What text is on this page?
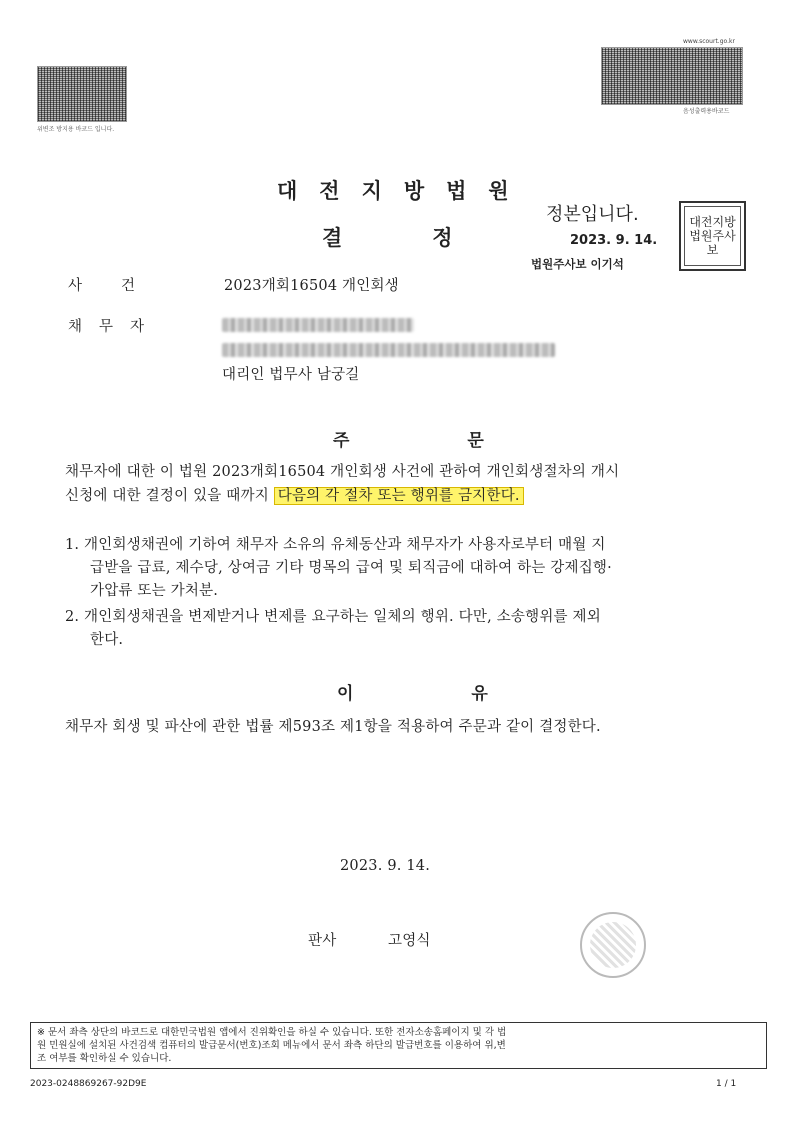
위변조 방지용 바코드 입니다.
www.scourt.go.kr
음성출력용바코드
대전지방법원
결정
정본입니다.
2023. 9. 14.
법원주사보 이기석
대전지방법원주사보
사 건	2023개회16504 개인회생
채 무 자
대리인 법무사 남궁길
주 문
채무자에 대한 이 법원 2023개회16504 개인회생 사건에 관하여 개인회생절차의 개시
신청에 대한 결정이 있을 때까지 다음의 각 절차 또는 행위를 금지한다.
1. 개인회생채권에 기하여 채무자 소유의 유체동산과 채무자가 사용자로부터 매월 지
급받을 급료, 제수당, 상여금 기타 명목의 급여 및 퇴직금에 대하여 하는 강제집행·
가압류 또는 가처분.
2. 개인회생채권을 변제받거나 변제를 요구하는 일체의 행위. 다만, 소송행위를 제외
한다.
이 유
채무자 회생 및 파산에 관한 법률 제593조 제1항을 적용하여 주문과 같이 결정한다.
2023. 9. 14.
판사	고영식
※ 문서 좌측 상단의 바코드로 대한민국법원 앱에서 진위확인을 하실 수 있습니다. 또한 전자소송홈페이지 및 각 법
원 민원실에 설치된 사건검색 컴퓨터의 발급문서(번호)조회 메뉴에서 문서 좌측 하단의 발급번호를 이용하여 위,변
조 여부를 확인하실 수 있습니다.
2023-0248869267-92D9E	1 / 1
